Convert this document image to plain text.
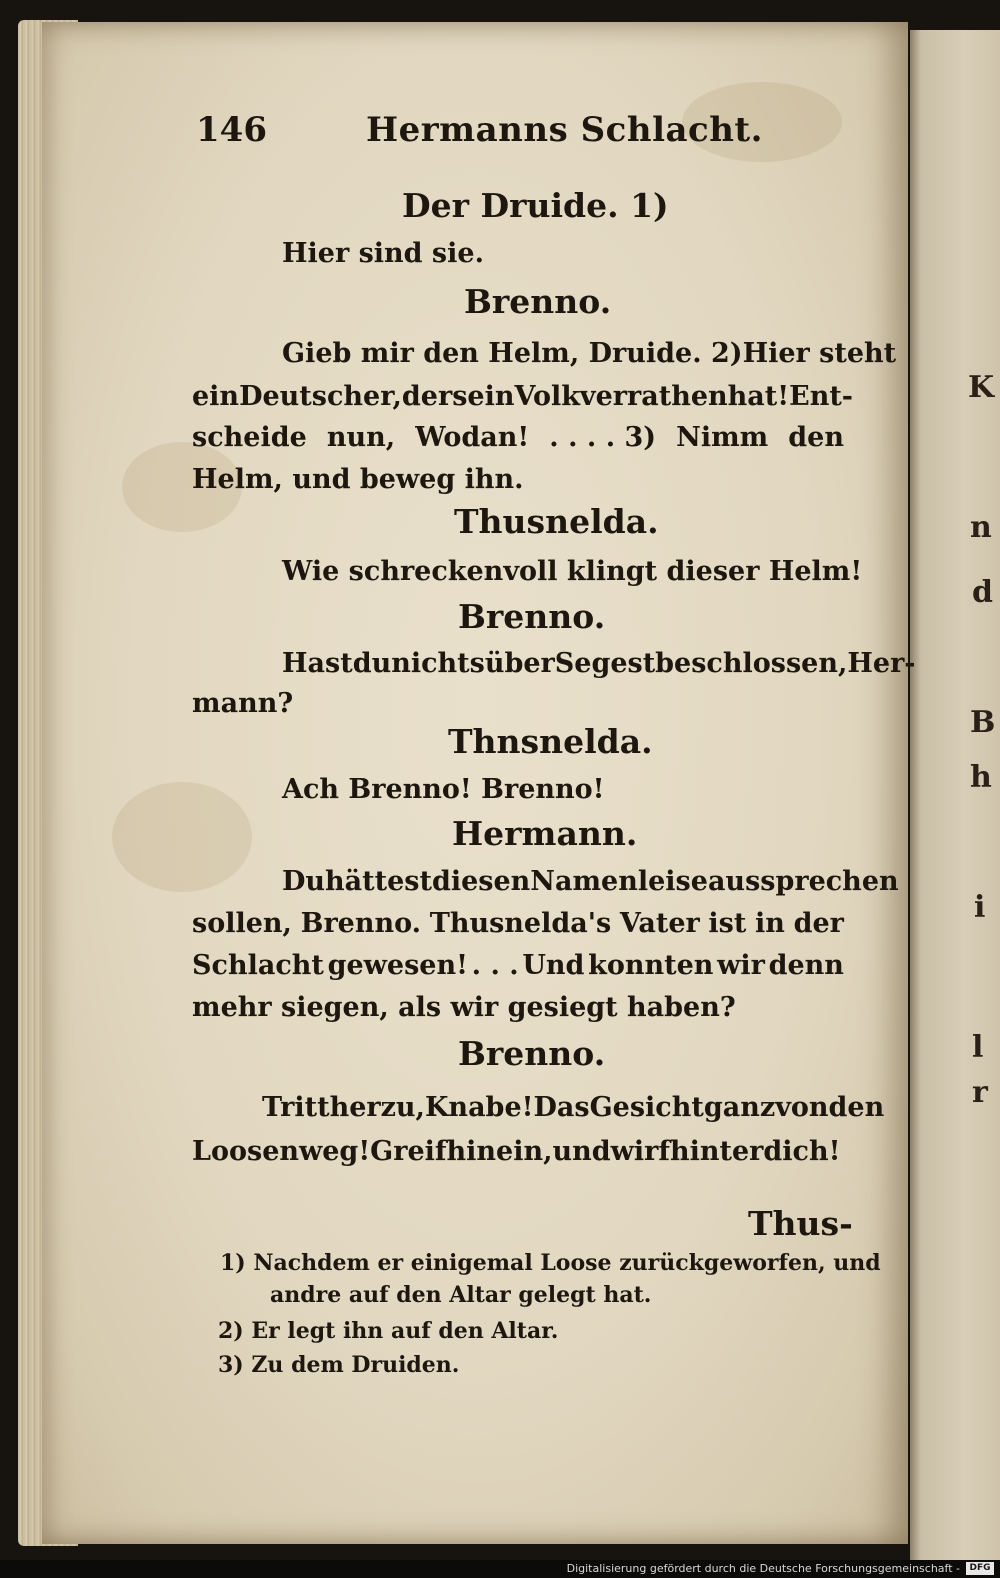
K
n
d
B
h
i
l
r
146	Hermanns Schlacht.
Der Druide. 1)
Hier sind sie.
Brenno.
Gieb mir den Helm, Druide. 2) Hier steht
ein Deutscher, der sein Volk verrathen hat! Ent-
scheide nun, Wodan! . . . . 3) Nimm den
Helm, und beweg ihn.
Thusnelda.
Wie schreckenvoll klingt dieser Helm!
Brenno.
Hast du nichts über Segest beschlossen, Her-
mann?
Thnsnelda.
Ach Brenno! Brenno!
Hermann.
Du hättest diesen Namen leise aussprechen
sollen, Brenno. Thusnelda's Vater ist in der
Schlacht gewesen! . . . Und konnten wir denn
mehr siegen, als wir gesiegt haben?
Brenno.
Tritt herzu, Knabe! Das Gesicht ganz von den
Loosen weg! Greif hinein, und wirf hinter dich!
Thus-
1) Nachdem er einigemal Loose zurückgeworfen, und
andre auf den Altar gelegt hat.
2) Er legt ihn auf den Altar.
3) Zu dem Druiden.
Digitalisierung gefördert durch die Deutsche Forschungsgemeinschaft -	DFG
